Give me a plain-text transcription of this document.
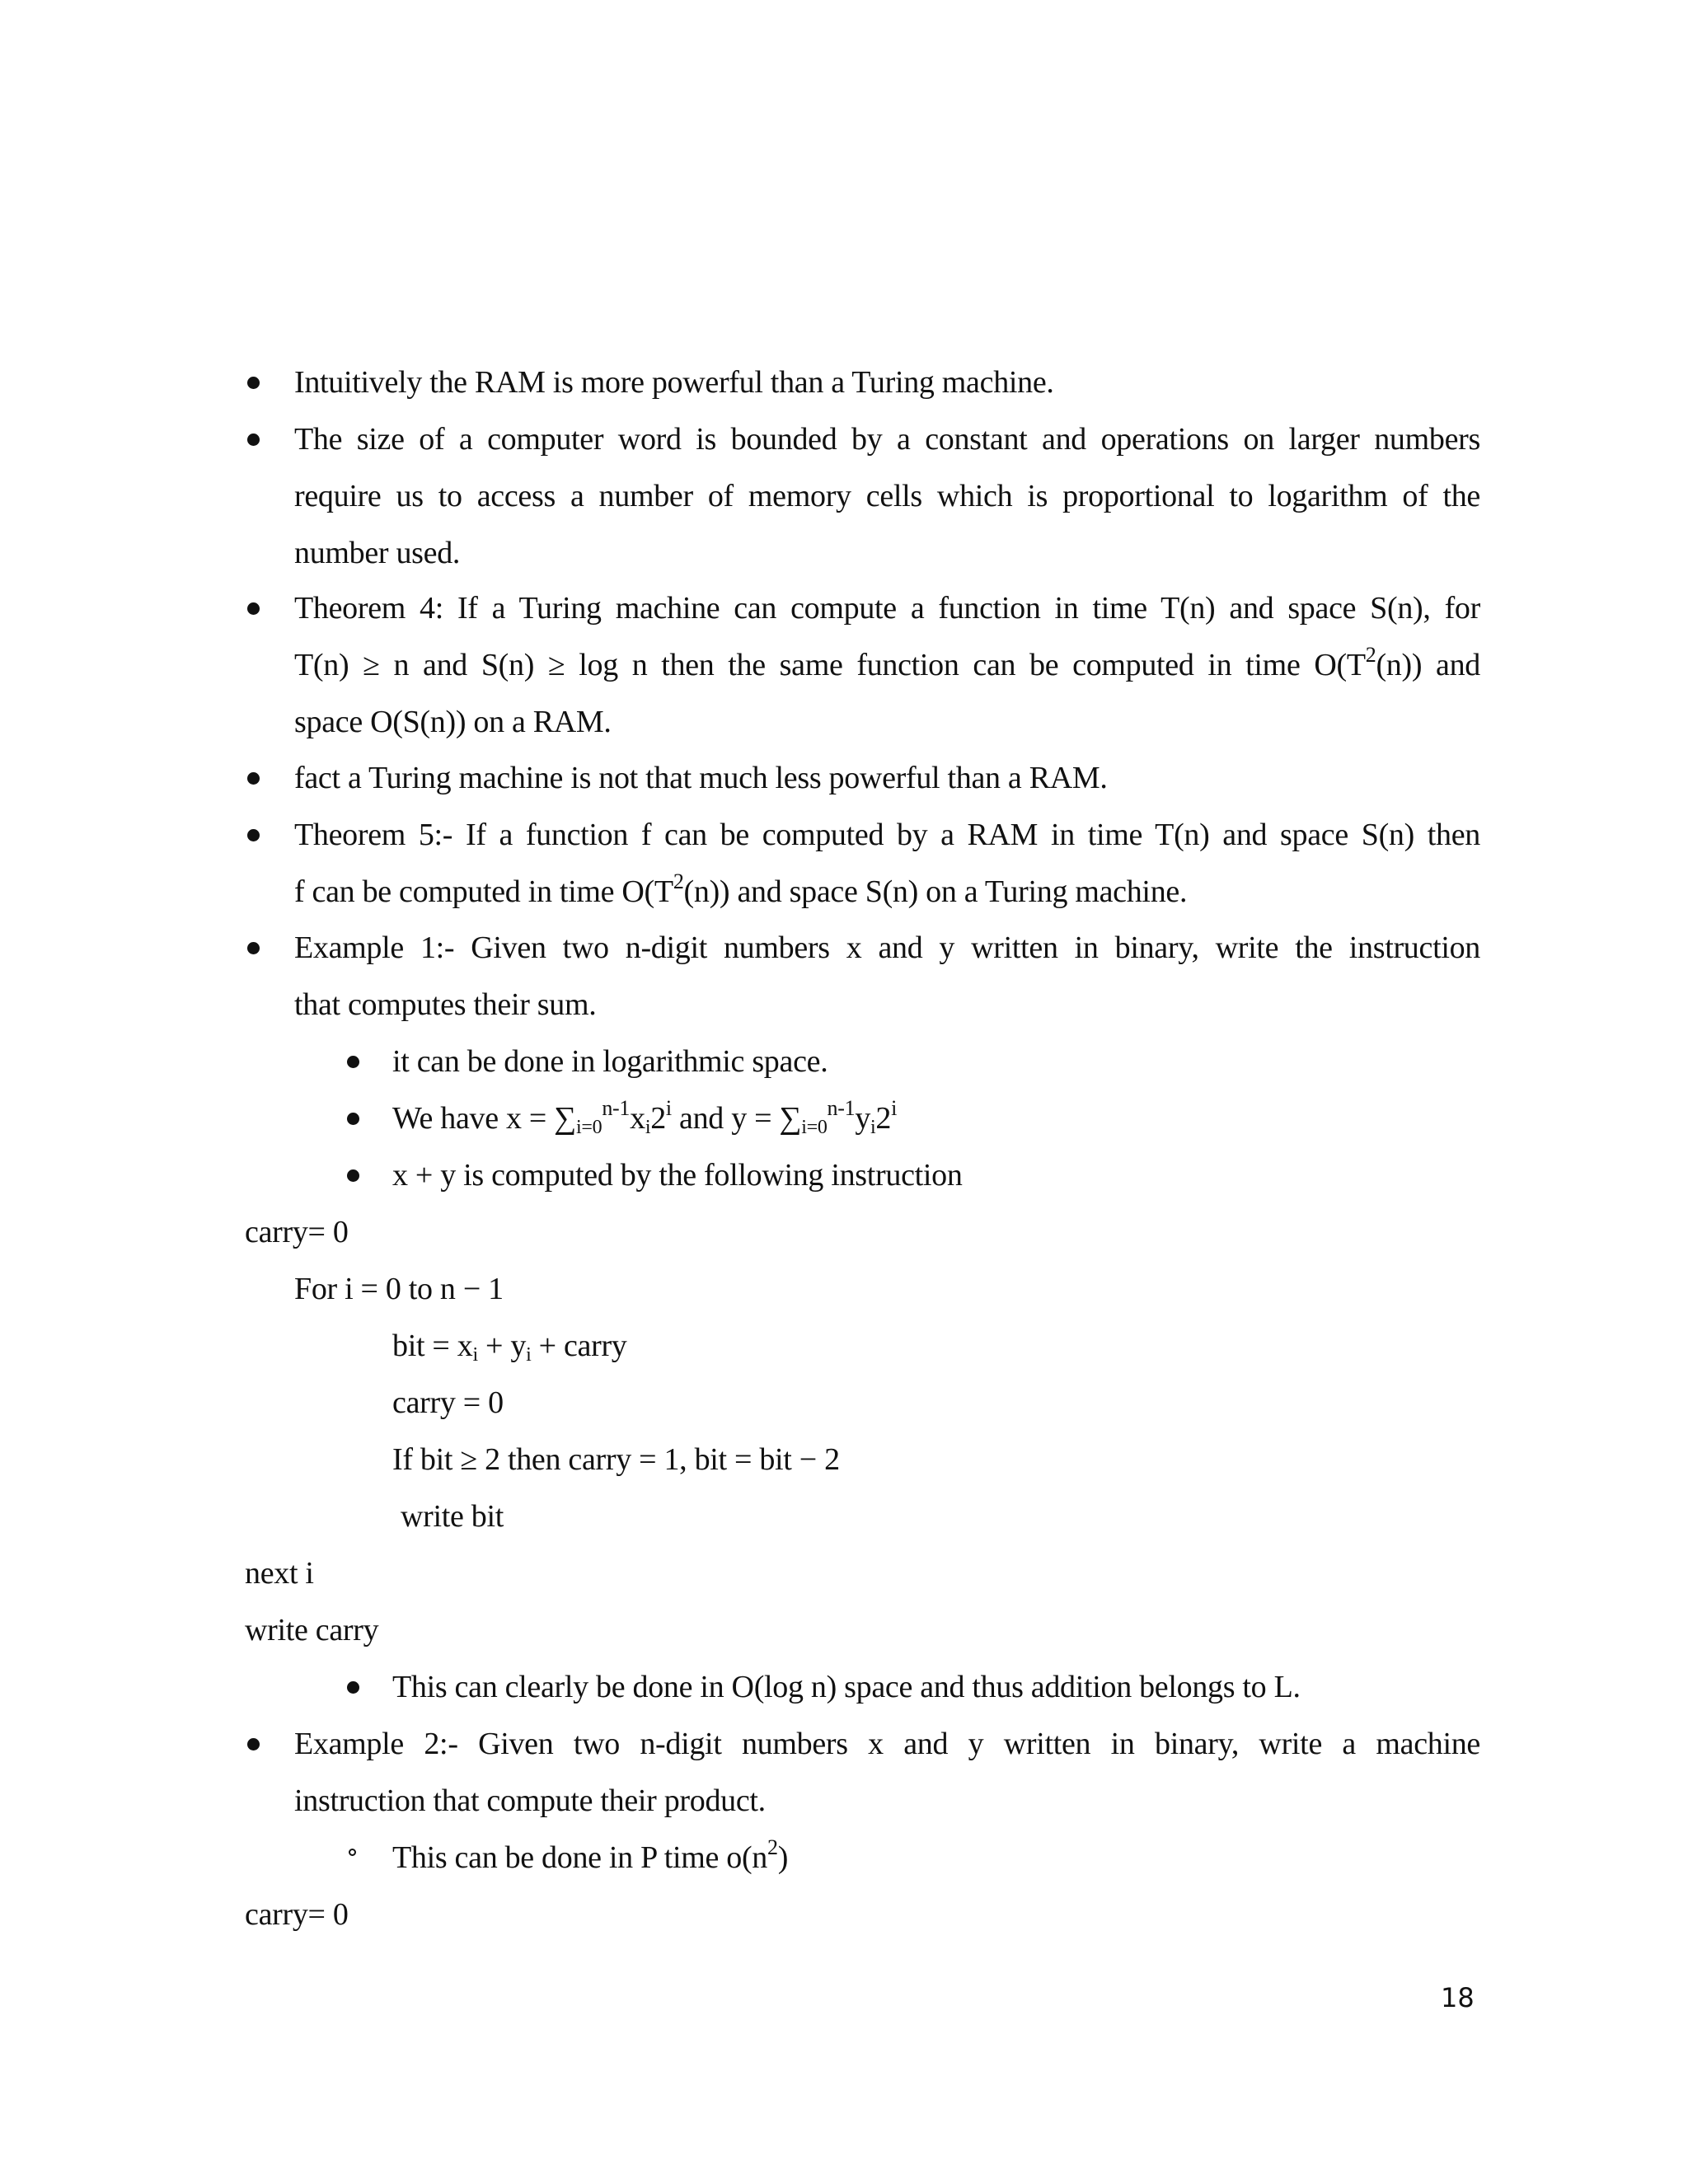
Intuitively the RAM is more powerful than a Turing machine.
The size of a computer word is bounded by a constant and operations on larger numbers
require us to access a number of memory cells which is proportional to logarithm of the
number used.
Theorem 4: If a Turing machine can compute a function in time T(n) and space S(n), for
T(n) ≥ n and S(n) ≥ log n then the same function can be computed in time $O(T^2(n))$ and
space O(S(n)) on a RAM.
fact a Turing machine is not that much less powerful than a RAM.
Theorem 5:- If a function f can be computed by a RAM in time T(n) and space S(n) then
f can be computed in time $O(T^2(n))$ and space S(n) on a Turing machine.
Example 1:- Given two n-digit numbers x and y written in binary, write the instruction
that computes their sum.
it can be done in logarithmic space.
We have $x = \sum_{i=0}^{n-1}x_i2^i$ and $y = \sum_{i=0}^{n-1}y_i2^i$
x + y is computed by the following instruction
carry= 0
For i = 0 to n − 1
bit = $x_i + y_i$ + carry
carry = 0
If bit ≥ 2 then carry = 1, bit = bit − 2
write bit
next i
write carry
This can clearly be done in O(log n) space and thus addition belongs to L.
Example 2:- Given two n-digit numbers x and y written in binary, write a machine
instruction that compute their product.
This can be done in P time $o(n^2)$
carry= 0
18
